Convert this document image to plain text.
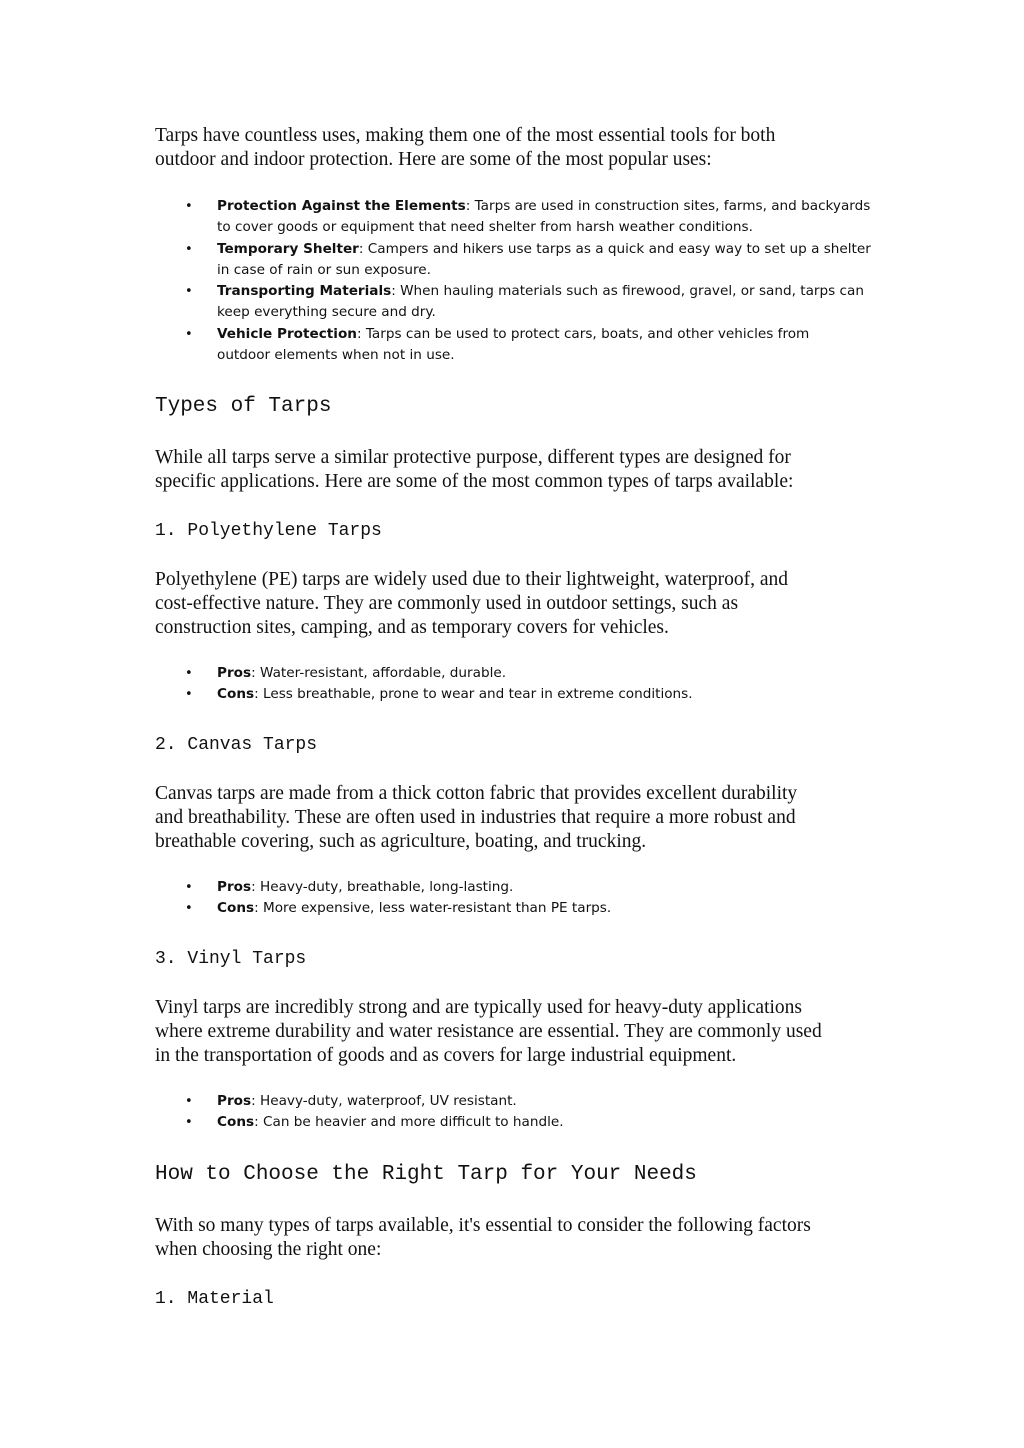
Tarps have countless uses, making them one of the most essential tools for both
outdoor and indoor protection. Here are some of the most popular uses:

• Protection Against the Elements: Tarps are used in construction sites, farms, and backyards
to cover goods or equipment that need shelter from harsh weather conditions.
• Temporary Shelter: Campers and hikers use tarps as a quick and easy way to set up a shelter
in case of rain or sun exposure.
• Transporting Materials: When hauling materials such as firewood, gravel, or sand, tarps can
keep everything secure and dry.
• Vehicle Protection: Tarps can be used to protect cars, boats, and other vehicles from
outdoor elements when not in use.
Types of Tarps

While all tarps serve a similar protective purpose, different types are designed for
specific applications. Here are some of the most common types of tarps available:

1. Polyethylene Tarps

Polyethylene (PE) tarps are widely used due to their lightweight, waterproof, and
cost-effective nature. They are commonly used in outdoor settings, such as
construction sites, camping, and as temporary covers for vehicles.

• Pros: Water-resistant, affordable, durable.
• Cons: Less breathable, prone to wear and tear in extreme conditions.
2. Canvas Tarps

Canvas tarps are made from a thick cotton fabric that provides excellent durability
and breathability. These are often used in industries that require a more robust and
breathable covering, such as agriculture, boating, and trucking.

• Pros: Heavy-duty, breathable, long-lasting.
• Cons: More expensive, less water-resistant than PE tarps.
3. Vinyl Tarps

Vinyl tarps are incredibly strong and are typically used for heavy-duty applications
where extreme durability and water resistance are essential. They are commonly used
in the transportation of goods and as covers for large industrial equipment.

• Pros: Heavy-duty, waterproof, UV resistant.
• Cons: Can be heavier and more difficult to handle.
How to Choose the Right Tarp for Your Needs

With so many types of tarps available, it's essential to consider the following factors
when choosing the right one:

1. Material
